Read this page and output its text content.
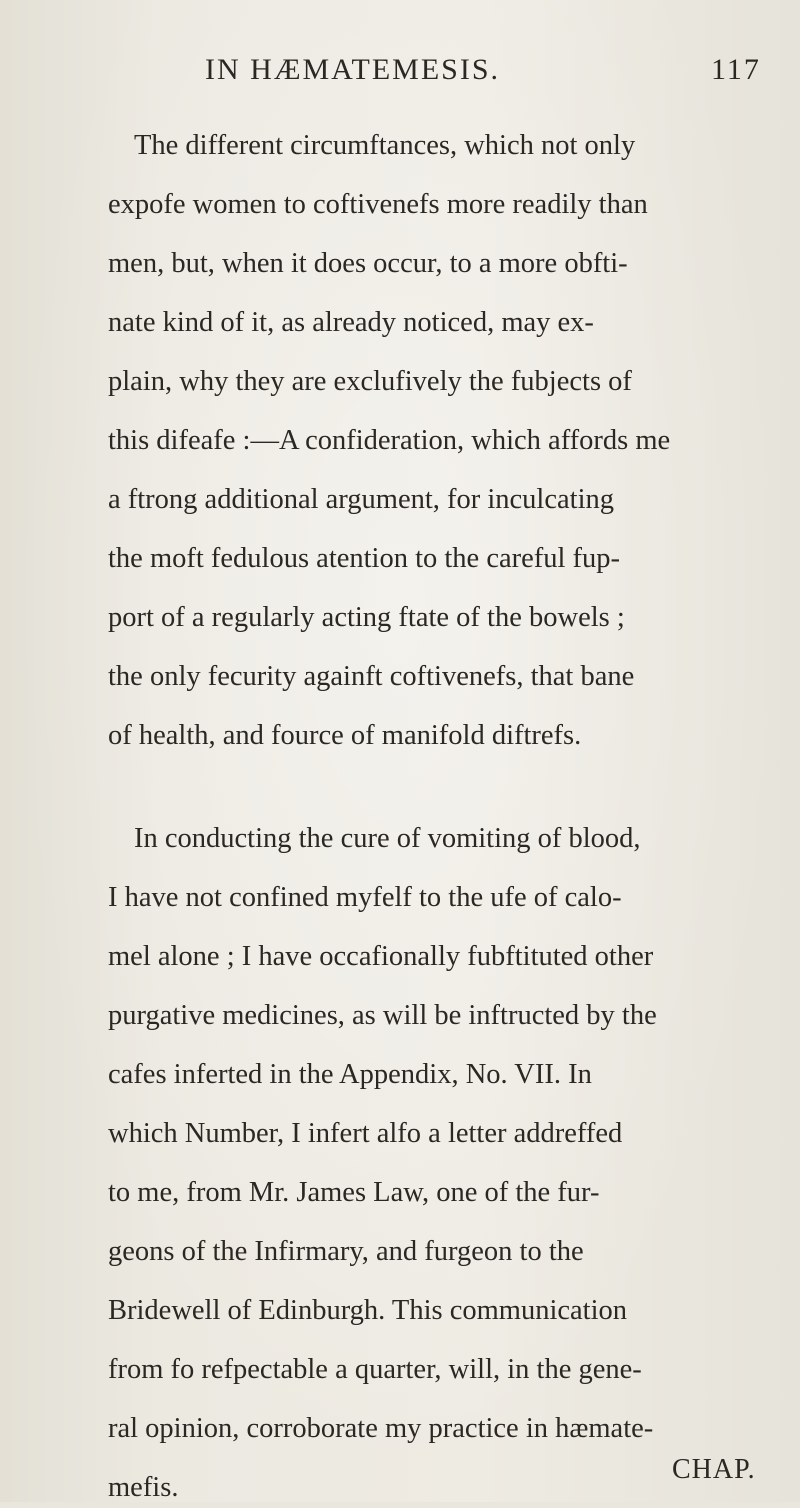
IN HÆMATEMESIS.	117
The different circumftances, which not only
expofe women to coftivenefs more readily than
men, but, when it does occur, to a more obfti-
nate kind of it, as already noticed, may ex-
plain, why they are exclufively the fubjects of
this difeafe :—A confideration, which affords me
a ftrong additional argument, for inculcating
the moft fedulous atention to the careful fup-
port of a regularly acting ftate of the bowels ;
the only fecurity againft coftivenefs, that bane
of health, and fource of manifold diftrefs.
In conducting the cure of vomiting of blood,
I have not confined myfelf to the ufe of calo-
mel alone ; I have occafionally fubftituted other
purgative medicines, as will be inftructed by the
cafes inferted in the Appendix, No. VII. In
which Number, I infert alfo a letter addreffed
to me, from Mr. James Law, one of the fur-
geons of the Infirmary, and furgeon to the
Bridewell of Edinburgh. This communication
from fo refpectable a quarter, will, in the gene-
ral opinion, corroborate my practice in hæmate-
mefis.
CHAP.
